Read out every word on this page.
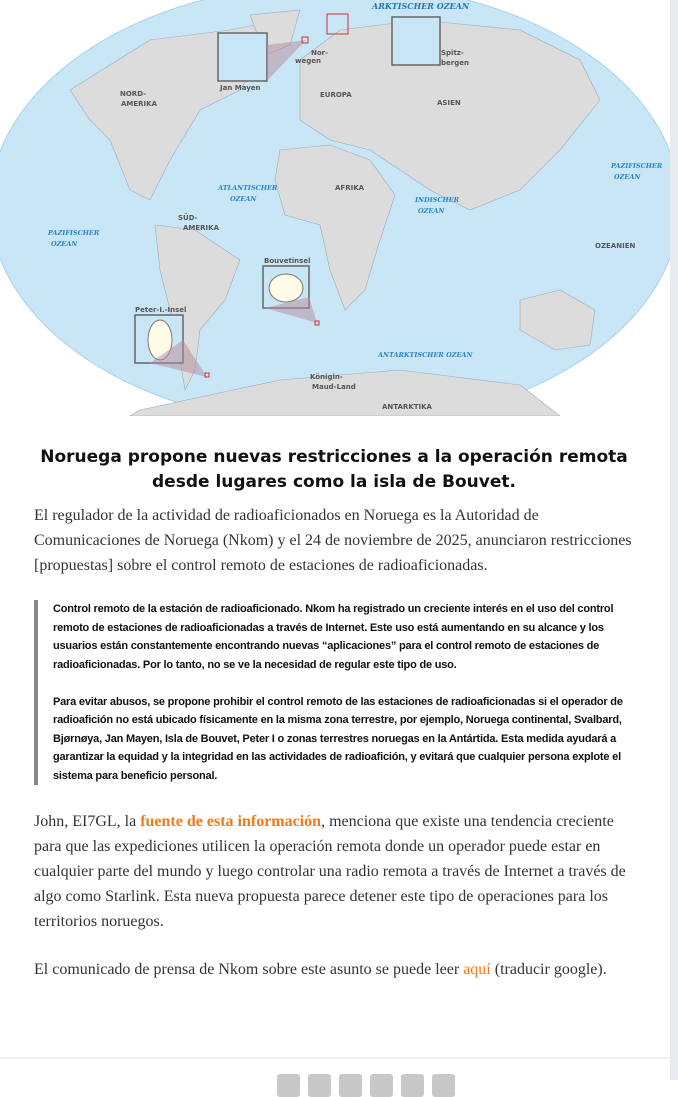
ARKTISCHER OZEAN
Jan Mayen
Nor-
wegen
Spitz-
bergen
NORD-
AMERIKA
EUROPA
ASIEN
PAZIFISCHER
OZEAN
ATLANTISCHER
OZEAN
AFRIKA
INDISCHER
OZEAN
SÜD-
AMERIKA
PAZIFISCHER
OZEAN	OZEANIEN
Bouvetinsel
Peter-I.-Insel
ANTARKTISCHER OZEAN
Königin-
Maud-Land
ANTARKTIKA
Noruega propone nuevas restricciones a la operación remota desde lugares como la isla de Bouvet.

El regulador de la actividad de radioaficionados en Noruega es la Autoridad de Comunicaciones de Noruega (Nkom) y el 24 de noviembre de 2025, anunciaron restricciones [propuestas] sobre el control remoto de estaciones de radioaficionadas.

Control remoto de la estación de radioaficionado. Nkom ha registrado un creciente interés en el uso del control remoto de estaciones de radioaficionadas a través de Internet. Este uso está aumentando en su alcance y los usuarios están constantemente encontrando nuevas “aplicaciones” para el control remoto de estaciones de radioaficionadas. Por lo tanto, no se ve la necesidad de regular este tipo de uso.

Para evitar abusos, se propone prohibir el control remoto de las estaciones de radioaficionadas si el operador de radioafición no está ubicado físicamente en la misma zona terrestre, por ejemplo, Noruega continental, Svalbard, Bjørnøya, Jan Mayen, Isla de Bouvet, Peter I o zonas terrestres noruegas en la Antártida. Esta medida ayudará a garantizar la equidad y la integridad en las actividades de radioafición, y evitará que cualquier persona explote el sistema para beneficio personal.

John, EI7GL, la fuente de esta información, menciona que existe una tendencia creciente para que las expediciones utilicen la operación remota donde un operador puede estar en cualquier parte del mundo y luego controlar una radio remota a través de Internet a través de algo como Starlink. Esta nueva propuesta parece detener este tipo de operaciones para los territorios noruegos.

El comunicado de prensa de Nkom sobre este asunto se puede leer aquí (traducir google).
